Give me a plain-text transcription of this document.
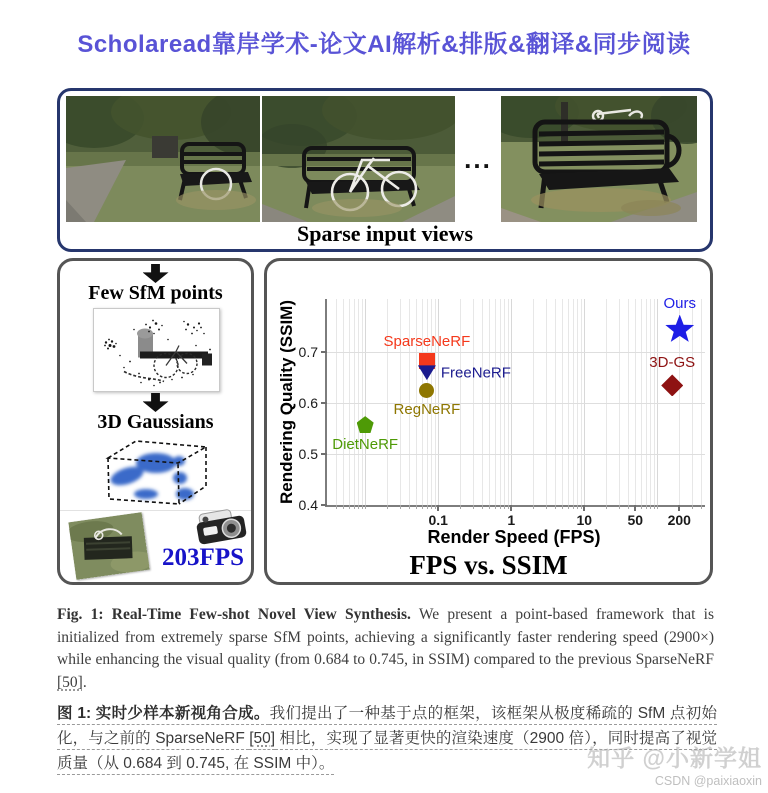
Scholaread靠岸学术-论文AI解析&排版&翻译&同步阅读
...
Sparse input views
Few SfM points
3D Gaussians
203FPS
Rendering Quality (SSIM)
0.4
0.5
0.6
0.7
0.1	1	10	50 200
Ours
3D-GS
SparseNeRF
FreeNeRF
RegNeRF
DietNeRF
Render Speed (FPS)
FPS vs. SSIM

Fig. 1: Real-Time Few-shot Novel View Synthesis. We present a point-based framework that is initialized from extremely sparse SfM points, achieving a significantly faster rendering speed (2900×) while enhancing the visual quality (from 0.684 to 0.745, in SSIM) compared to the previous SparseNeRF [50].

图 1: 实时少样本新视角合成。我们提出了一种基于点的框架，该框架从极度稀疏的 SfM 点初始化，与之前的 SparseNeRF [50] 相比，实现了显著更快的渲染速度（2900 倍），同时提高了视觉质量（从 0.684 到 0.745, 在 SSIM 中）。	知乎 @小新学姐
CSDN @paixiaoxin
